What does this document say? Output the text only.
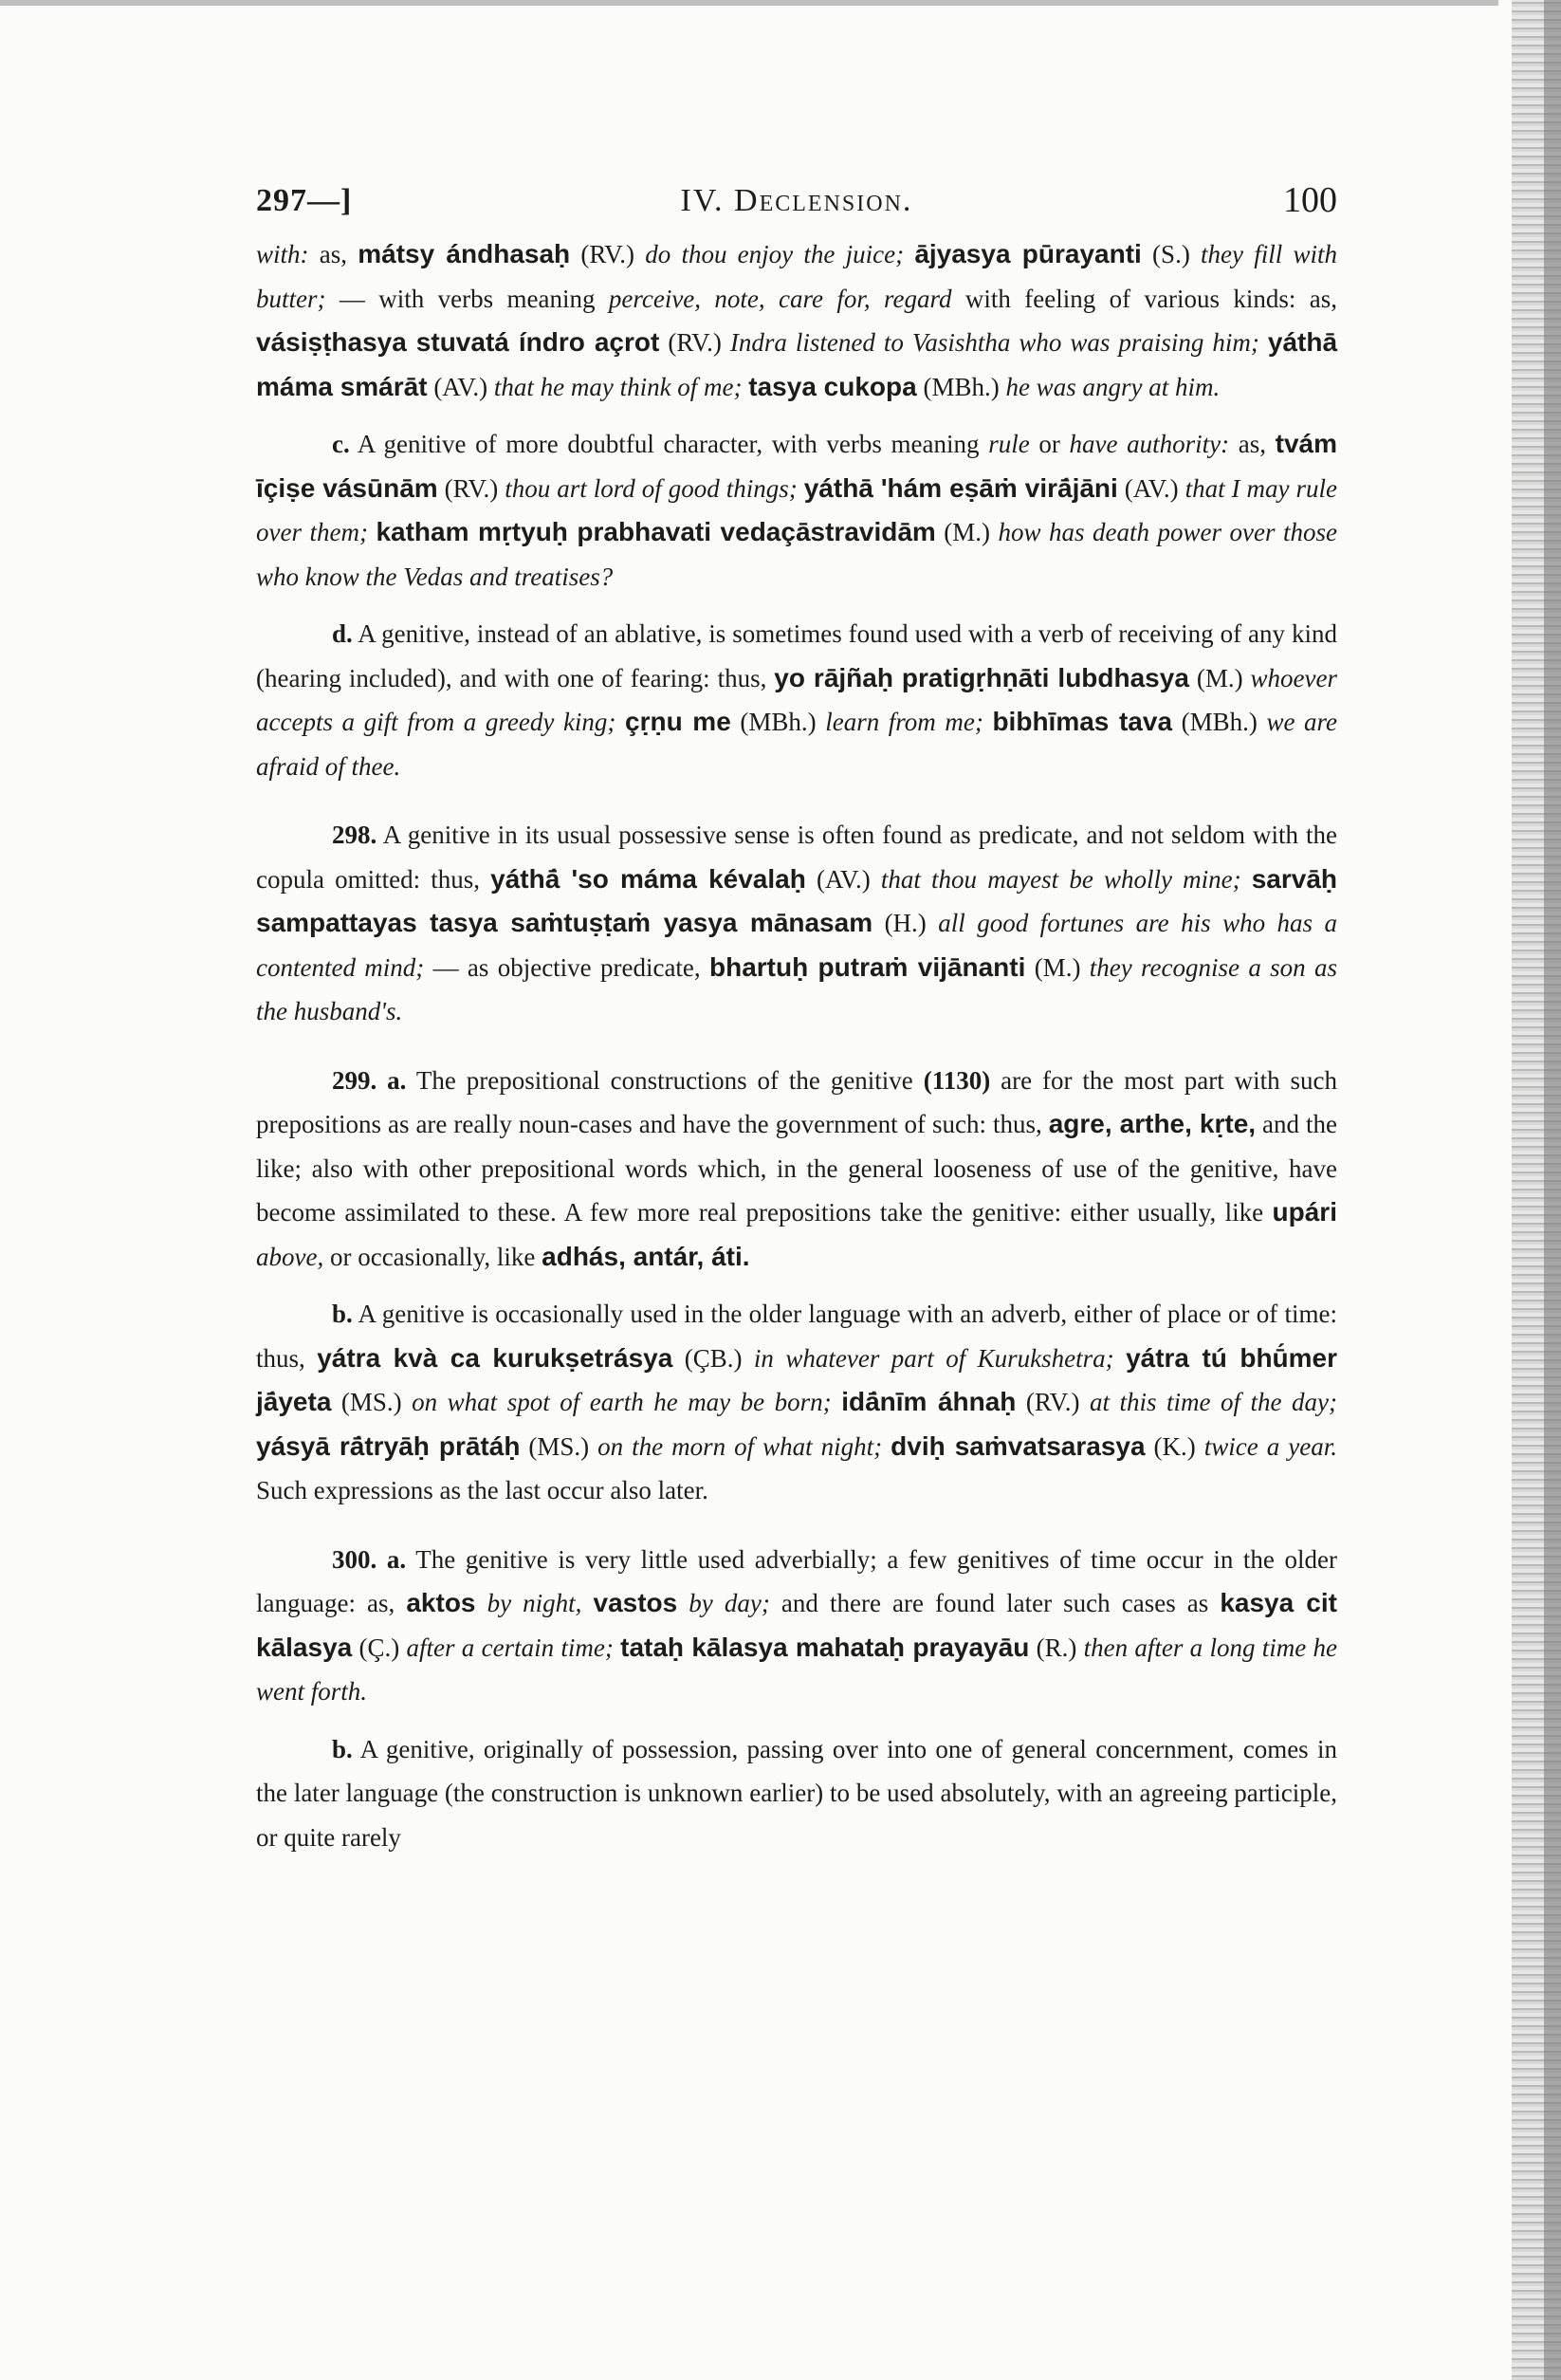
297—]	IV. Declension.	100

with: as, mátsy ándhasaḥ (RV.) do thou enjoy the juice; ājyasya pūrayanti (S.) they fill with butter; — with verbs meaning perceive, note, care for, regard with feeling of various kinds: as, vásiṣṭhasya stuvatá índro açrot (RV.) Indra listened to Vasishtha who was praising him; yáthā máma smárāt (AV.) that he may think of me; tasya cukopa (MBh.) he was angry at him.

c. A genitive of more doubtful character, with verbs meaning rule or have authority: as, tvám īçiṣe vásūnām (RV.) thou art lord of good things; yáthā 'hám eṣāṁ virā́jāni (AV.) that I may rule over them; katham mṛtyuḥ prabhavati vedaçāstravidām (M.) how has death power over those who know the Vedas and treatises?

d. A genitive, instead of an ablative, is sometimes found used with a verb of receiving of any kind (hearing included), and with one of fearing: thus, yo rājñaḥ pratigṛhṇāti lubdhasya (M.) whoever accepts a gift from a greedy king; çṛṇu me (MBh.) learn from me; bibhīmas tava (MBh.) we are afraid of thee.

298. A genitive in its usual possessive sense is often found as predicate, and not seldom with the copula omitted: thus, yáthā́ 'so máma kévalaḥ (AV.) that thou mayest be wholly mine; sarvāḥ sampattayas tasya saṁtuṣṭaṁ yasya mānasam (H.) all good fortunes are his who has a contented mind; — as objective predicate, bhartuḥ putraṁ vijānanti (M.) they recognise a son as the husband's.

299. a. The prepositional constructions of the genitive (1130) are for the most part with such prepositions as are really noun-cases and have the government of such: thus, agre, arthe, kṛte, and the like; also with other prepositional words which, in the general looseness of use of the genitive, have become assimilated to these. A few more real prepositions take the genitive: either usually, like upári above, or occasionally, like adhás, antár, áti.

b. A genitive is occasionally used in the older language with an adverb, either of place or of time: thus, yátra kvà ca kurukṣetrásya (ÇB.) in whatever part of Kurukshetra; yátra tú bhū́mer jā́yeta (MS.) on what spot of earth he may be born; idā́nīm áhnaḥ (RV.) at this time of the day; yásyā rā́tryāḥ prātáḥ (MS.) on the morn of what night; dviḥ saṁvatsarasya (K.) twice a year. Such expressions as the last occur also later.

300. a. The genitive is very little used adverbially; a few genitives of time occur in the older language: as, aktos by night, vastos by day; and there are found later such cases as kasya cit kālasya (Ç.) after a certain time; tataḥ kālasya mahataḥ prayayāu (R.) then after a long time he went forth.

b. A genitive, originally of possession, passing over into one of general concernment, comes in the later language (the construction is unknown earlier) to be used absolutely, with an agreeing participle, or quite rarely
